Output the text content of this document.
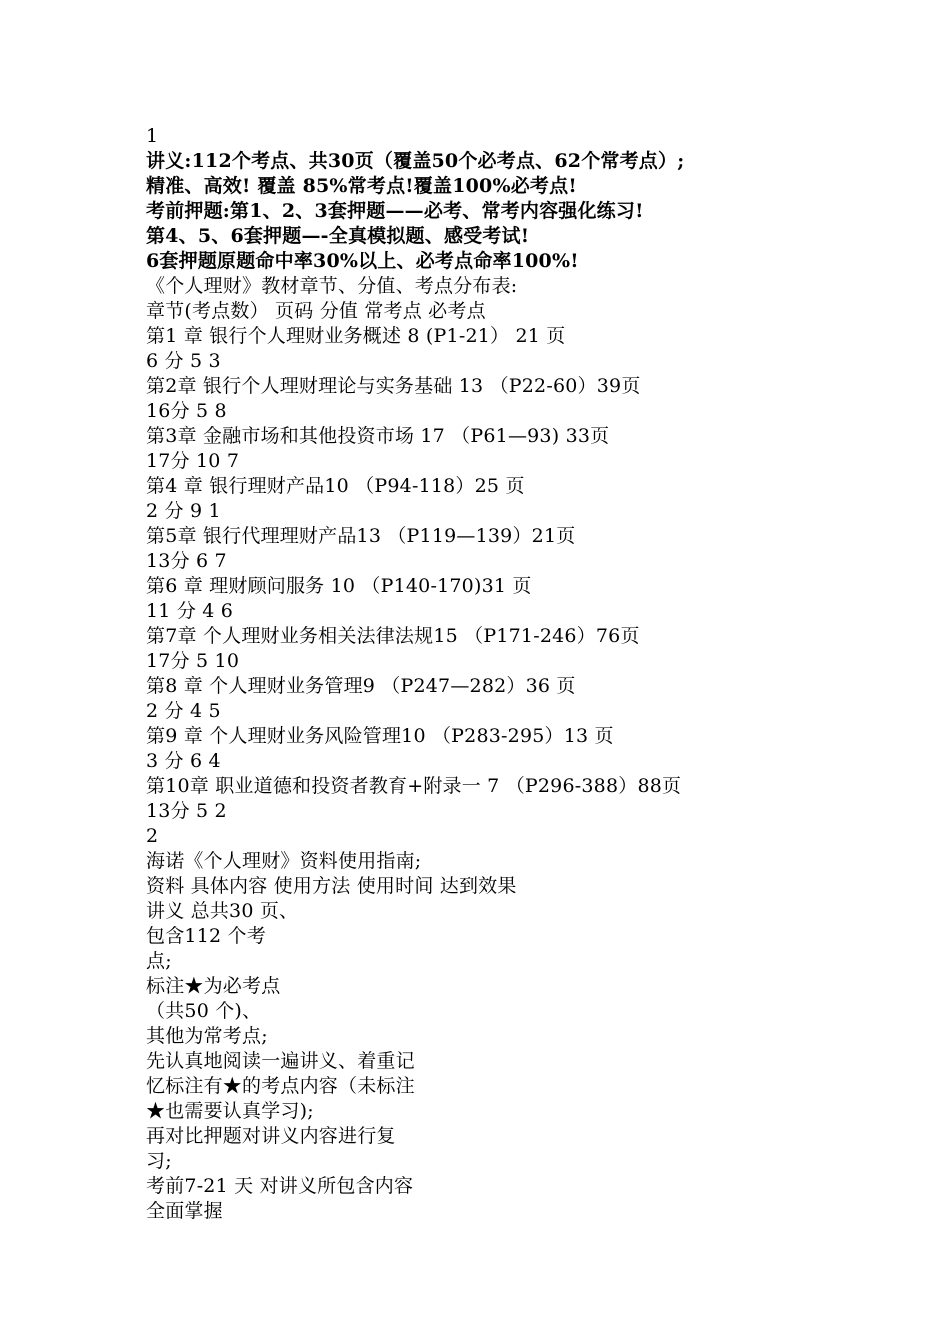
1
讲义:112个考点、共30页（覆盖50个必考点、62个常考点）;
精准、高效! 覆盖 85%常考点!覆盖100%必考点!
考前押题:第1、2、3套押题——必考、常考内容强化练习!
第4、5、6套押题—-全真模拟题、感受考试!
6套押题原题命中率30%以上、必考点命率100%!
《个人理财》教材章节、分值、考点分布表:
章节(考点数） 页码 分值 常考点 必考点
第1 章 银行个人理财业务概述 8 (P1-21） 21 页
6 分 5 3
第2章 银行个人理财理论与实务基础 13 （P22-60）39页
16分 5 8
第3章 金融市场和其他投资市场 17 （P61—93) 33页
17分 10 7
第4 章 银行理财产品10 （P94-118）25 页
2 分 9 1
第5章 银行代理理财产品13 （P119—139）21页
13分 6 7
第6 章 理财顾问服务 10 （P140-170)31 页
11 分 4 6
第7章 个人理财业务相关法律法规15 （P171-246）76页
17分 5 10
第8 章 个人理财业务管理9 （P247—282）36 页
2 分 4 5
第9 章 个人理财业务风险管理10 （P283-295）13 页
3 分 6 4
第10章 职业道德和投资者教育+附录一 7 （P296-388）88页
13分 5 2
2
海诺《个人理财》资料使用指南;
资料 具体内容 使用方法 使用时间 达到效果
讲义 总共30 页、
包含112 个考
点;
标注★为必考点
（共50 个)、
其他为常考点;
先认真地阅读一遍讲义、着重记
忆标注有★的考点内容（未标注
★也需要认真学习);
再对比押题对讲义内容进行复
习;
考前7-21 天 对讲义所包含内容
全面掌握
